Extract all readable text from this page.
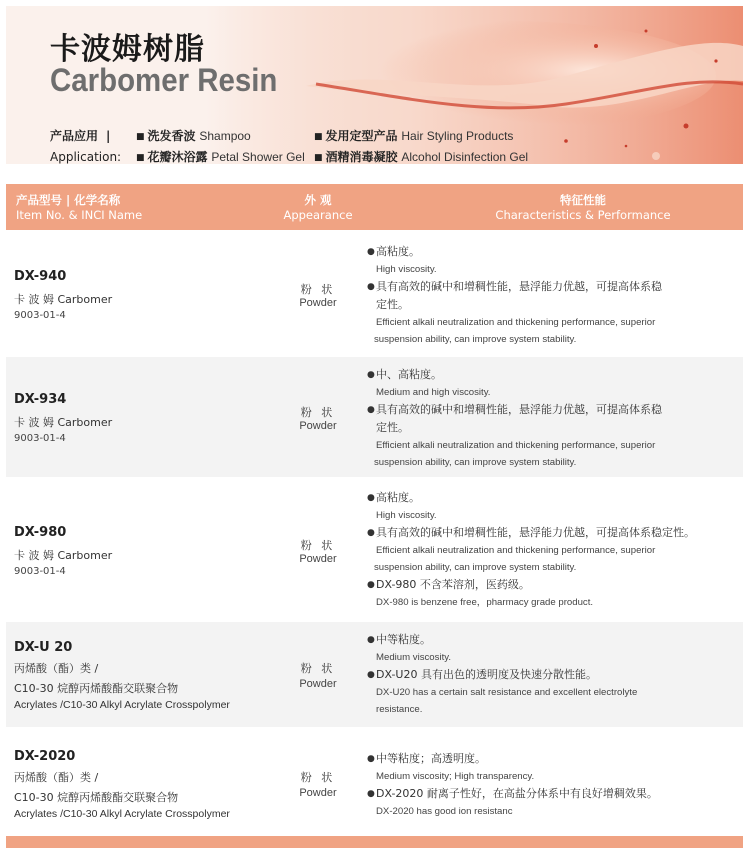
卡波姆树脂
Carbomer Resin
产品应用 |	■ 洗发香波 Shampoo	■ 发用定型产品 Hair Styling Products
Application: ■ 花瓣沐浴露 Petal Shower Gel ■ 酒精消毒凝胶 Alcohol Disinfection Gel
产品型号 | 化学名称
Item No. & INCI Name
外 观
Appearance
特征性能
Characteristics & Performance
DX-940
卡 波 姆 Carbomer
9003-01-4
粉 状
Powder
● 高粘度。
High viscosity.
● 具有高效的碱中和增稠性能，悬浮能力优越，可提高体系稳
定性。
Efficient alkali neutralization and thickening performance, superior
suspension ability, can improve system stability.
DX-934
卡 波 姆 Carbomer
9003-01-4
粉 状
Powder
● 中、高粘度。
Medium and high viscosity.
● 具有高效的碱中和增稠性能，悬浮能力优越，可提高体系稳
定性。
Efficient alkali neutralization and thickening performance, superior
suspension ability, can improve system stability.
DX-980
卡 波 姆 Carbomer
9003-01-4
粉 状
Powder
● 高粘度。
High viscosity.
● 具有高效的碱中和增稠性能，悬浮能力优越，可提高体系稳定性。
Efficient alkali neutralization and thickening performance, superior
suspension ability, can improve system stability.
● DX-980 不含苯溶剂，医药级。
DX-980 is benzene free，pharmacy grade product.
DX-U 20
丙烯酸（酯）类 /
C10-30 烷醇丙烯酸酯交联聚合物
Acrylates /C10-30 Alkyl Acrylate Crosspolymer
粉 状
Powder
● 中等粘度。
Medium viscosity.
● DX-U20 具有出色的透明度及快速分散性能。
DX-U20 has a certain salt resistance and excellent electrolyte
resistance.
DX-2020
丙烯酸（酯）类 /
C10-30 烷醇丙烯酸酯交联聚合物
Acrylates /C10-30 Alkyl Acrylate Crosspolymer
粉 状
Powder
● 中等粘度；高透明度。
Medium viscosity; High transparency.
● DX-2020 耐离子性好，在高盐分体系中有良好增稠效果。
DX-2020 has good ion resistanc
